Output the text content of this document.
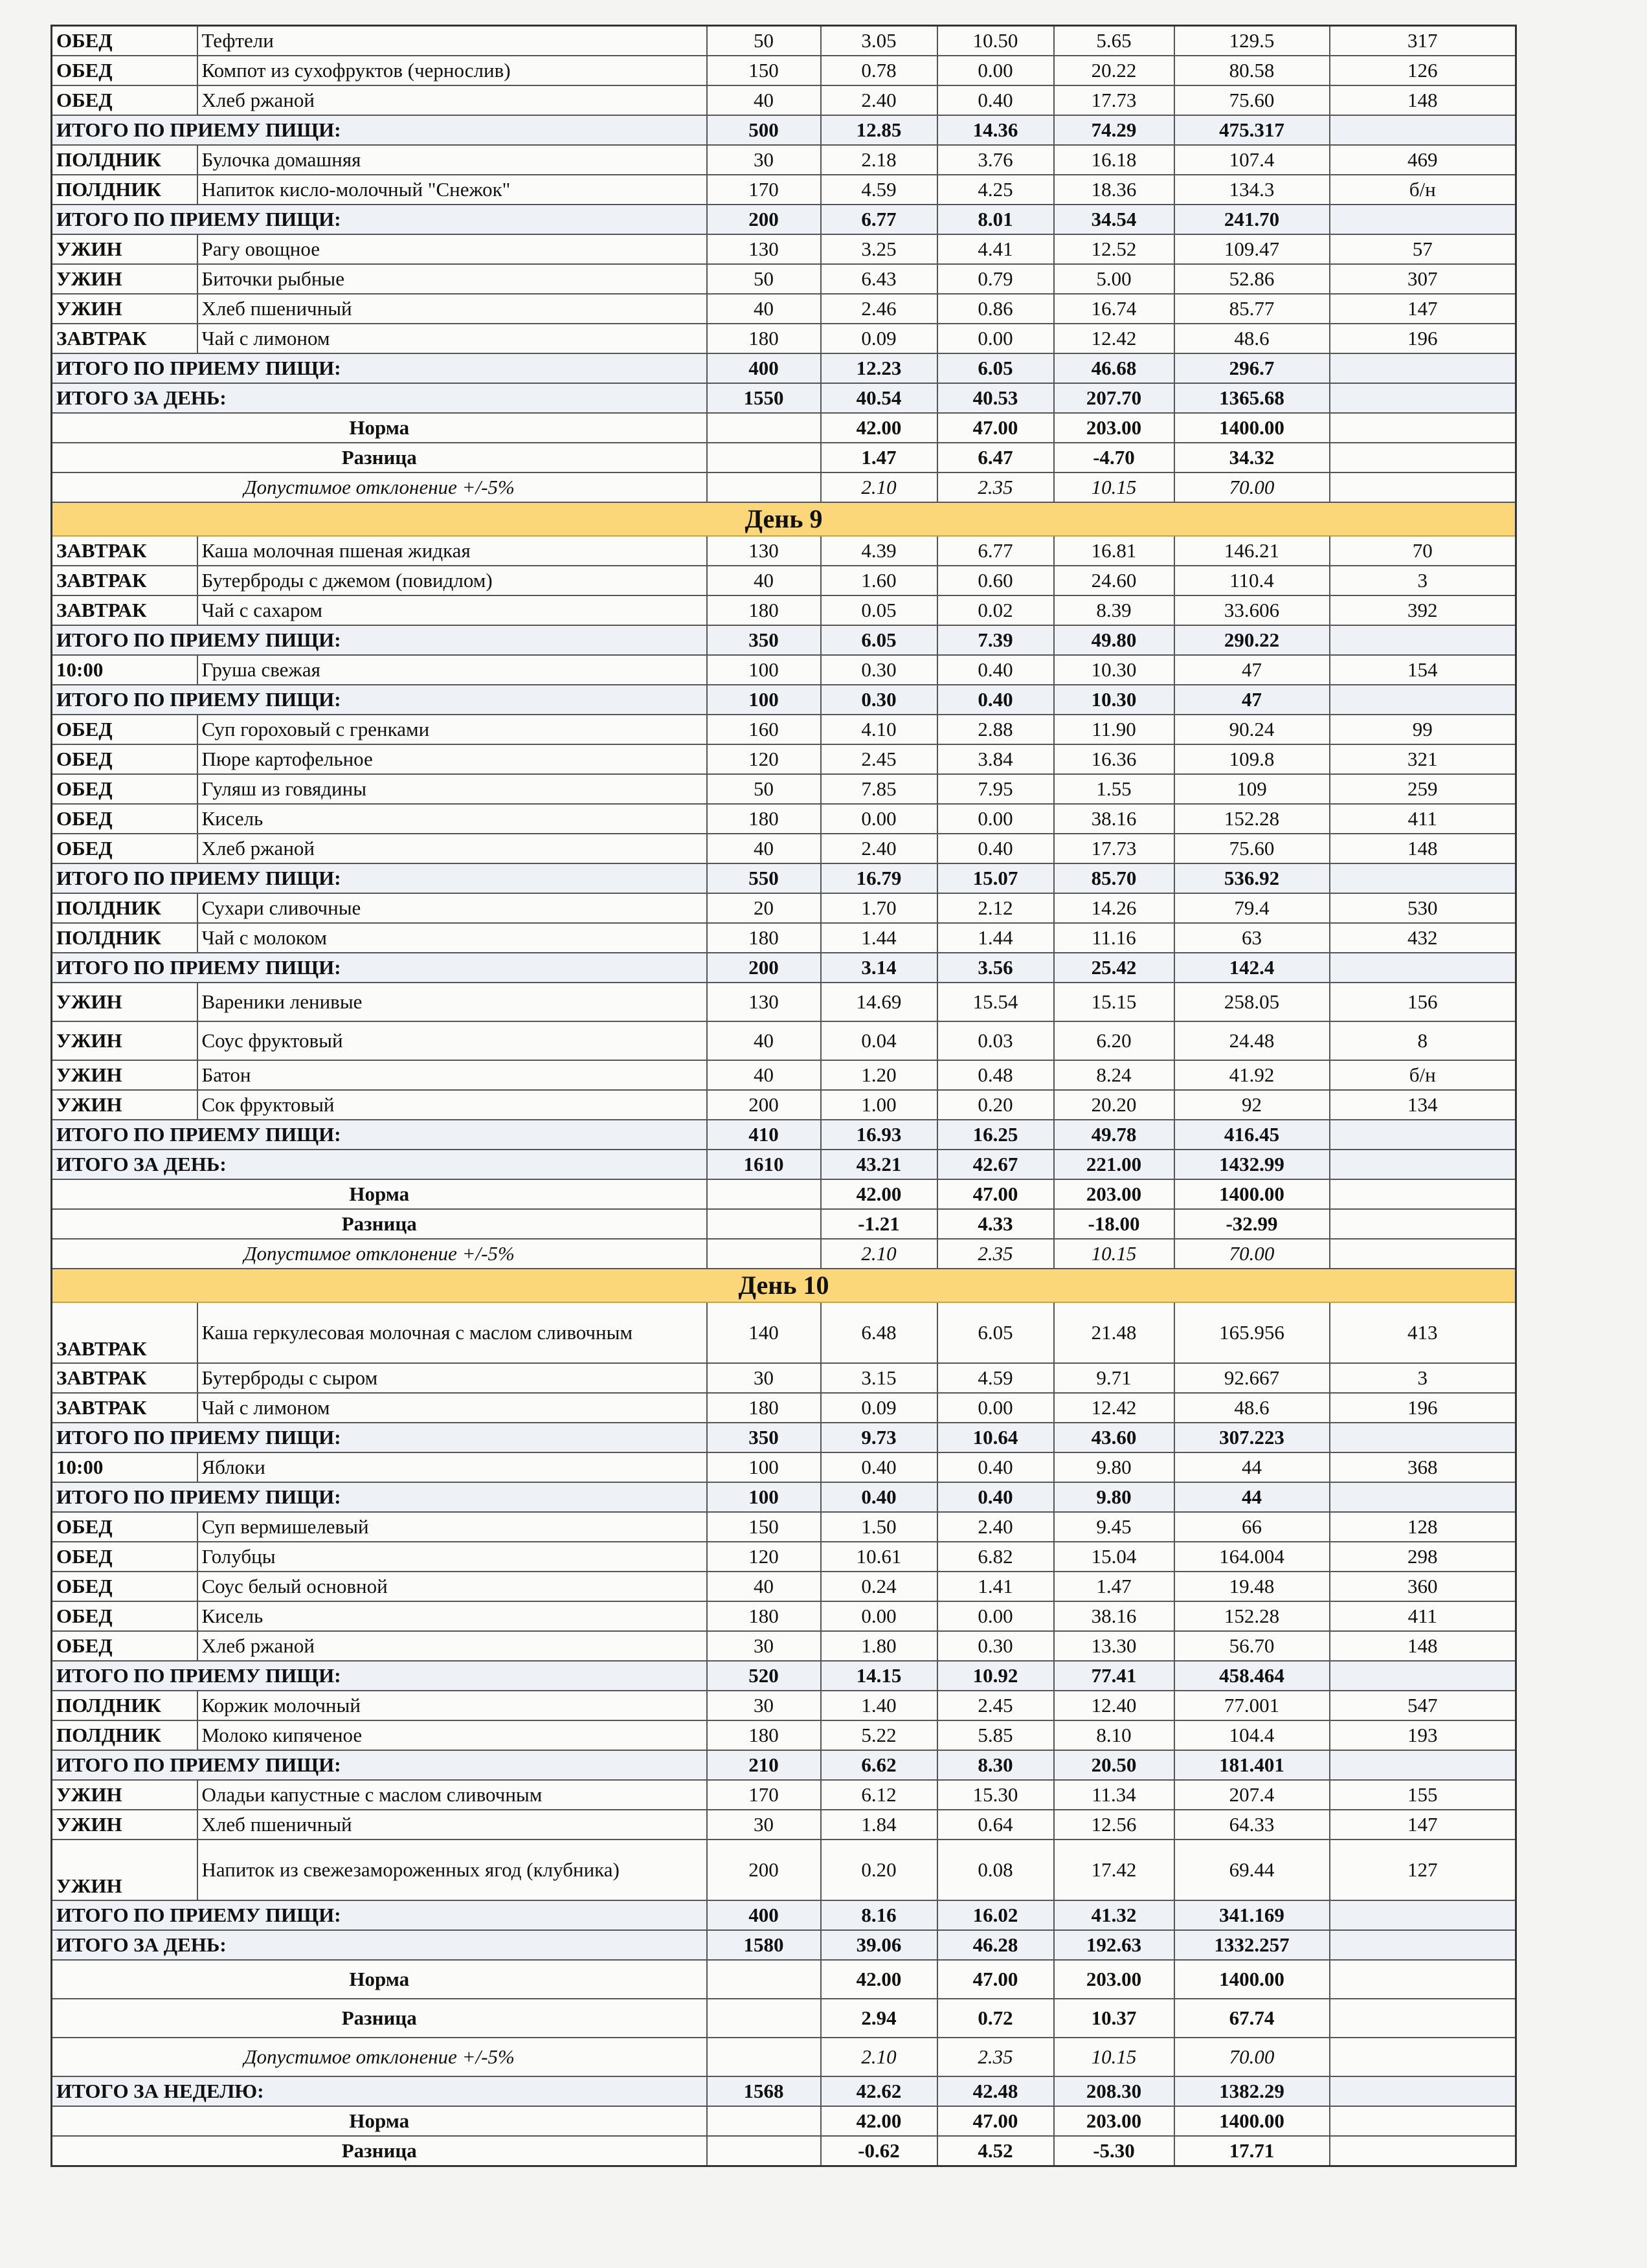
ОБЕД	Тефтели	50	3.05	10.50	5.65	129.5	317
ОБЕД	Компот из сухофруктов (чернослив)	150	0.78	0.00	20.22	80.58	126
ОБЕД	Хлеб ржаной	40	2.40	0.40	17.73	75.60	148
ИТОГО ПО ПРИЕМУ ПИЩИ:		500	12.85	14.36	74.29	475.317	
ПОЛДНИК	Булочка домашняя	30	2.18	3.76	16.18	107.4	469
ПОЛДНИК	Напиток кисло-молочный "Снежок"	170	4.59	4.25	18.36	134.3	б/н
ИТОГО ПО ПРИЕМУ ПИЩИ:		200	6.77	8.01	34.54	241.70	
УЖИН	Рагу овощное	130	3.25	4.41	12.52	109.47	57
УЖИН	Биточки рыбные	50	6.43	0.79	5.00	52.86	307
УЖИН	Хлеб пшеничный	40	2.46	0.86	16.74	85.77	147
ЗАВТРАК	Чай с лимоном	180	0.09	0.00	12.42	48.6	196
ИТОГО ПО ПРИЕМУ ПИЩИ:		400	12.23	6.05	46.68	296.7	
ИТОГО ЗА ДЕНЬ:		1550	40.54	40.53	207.70	1365.68	
Норма			42.00	47.00	203.00	1400.00	
Разница			1.47	6.47	-4.70	34.32	
Допустимое отклонение +/-5%			2.10	2.35	10.15	70.00	
День 9							
ЗАВТРАК	Каша молочная пшеная жидкая	130	4.39	6.77	16.81	146.21	70
ЗАВТРАК	Бутерброды с джемом (повидлом)	40	1.60	0.60	24.60	110.4	3
ЗАВТРАК	Чай с сахаром	180	0.05	0.02	8.39	33.606	392
ИТОГО ПО ПРИЕМУ ПИЩИ:		350	6.05	7.39	49.80	290.22	
10:00	Груша свежая	100	0.30	0.40	10.30	47	154
ИТОГО ПО ПРИЕМУ ПИЩИ:		100	0.30	0.40	10.30	47	
ОБЕД	Суп гороховый с гренками	160	4.10	2.88	11.90	90.24	99
ОБЕД	Пюре картофельное	120	2.45	3.84	16.36	109.8	321
ОБЕД	Гуляш из говядины	50	7.85	7.95	1.55	109	259
ОБЕД	Кисель	180	0.00	0.00	38.16	152.28	411
ОБЕД	Хлеб ржаной	40	2.40	0.40	17.73	75.60	148
ИТОГО ПО ПРИЕМУ ПИЩИ:		550	16.79	15.07	85.70	536.92	
ПОЛДНИК	Сухари сливочные	20	1.70	2.12	14.26	79.4	530
ПОЛДНИК	Чай с молоком	180	1.44	1.44	11.16	63	432
ИТОГО ПО ПРИЕМУ ПИЩИ:		200	3.14	3.56	25.42	142.4	
УЖИН	Вареники ленивые	130	14.69	15.54	15.15	258.05	156
УЖИН	Соус фруктовый	40	0.04	0.03	6.20	24.48	8
УЖИН	Батон	40	1.20	0.48	8.24	41.92	б/н
УЖИН	Сок фруктовый	200	1.00	0.20	20.20	92	134
ИТОГО ПО ПРИЕМУ ПИЩИ:		410	16.93	16.25	49.78	416.45	
ИТОГО ЗА ДЕНЬ:		1610	43.21	42.67	221.00	1432.99	
Норма			42.00	47.00	203.00	1400.00	
Разница			-1.21	4.33	-18.00	-32.99	
Допустимое отклонение +/-5%			2.10	2.35	10.15	70.00	
День 10							
ЗАВТРАК	Каша геркулесовая молочная с маслом сливочным	140	6.48	6.05	21.48	165.956	413
ЗАВТРАК	Бутерброды с сыром	30	3.15	4.59	9.71	92.667	3
ЗАВТРАК	Чай с лимоном	180	0.09	0.00	12.42	48.6	196
ИТОГО ПО ПРИЕМУ ПИЩИ:		350	9.73	10.64	43.60	307.223	
10:00	Яблоки	100	0.40	0.40	9.80	44	368
ИТОГО ПО ПРИЕМУ ПИЩИ:		100	0.40	0.40	9.80	44	
ОБЕД	Суп вермишелевый	150	1.50	2.40	9.45	66	128
ОБЕД	Голубцы	120	10.61	6.82	15.04	164.004	298
ОБЕД	Соус белый основной	40	0.24	1.41	1.47	19.48	360
ОБЕД	Кисель	180	0.00	0.00	38.16	152.28	411
ОБЕД	Хлеб ржаной	30	1.80	0.30	13.30	56.70	148
ИТОГО ПО ПРИЕМУ ПИЩИ:		520	14.15	10.92	77.41	458.464	
ПОЛДНИК	Коржик молочный	30	1.40	2.45	12.40	77.001	547
ПОЛДНИК	Молоко кипяченое	180	5.22	5.85	8.10	104.4	193
ИТОГО ПО ПРИЕМУ ПИЩИ:		210	6.62	8.30	20.50	181.401	
УЖИН	Оладьи капустные с маслом сливочным	170	6.12	15.30	11.34	207.4	155
УЖИН	Хлеб пшеничный	30	1.84	0.64	12.56	64.33	147
УЖИН	Напиток из свежезамороженных ягод (клубника)	200	0.20	0.08	17.42	69.44	127
ИТОГО ПО ПРИЕМУ ПИЩИ:		400	8.16	16.02	41.32	341.169	
ИТОГО ЗА ДЕНЬ:		1580	39.06	46.28	192.63	1332.257	
Норма			42.00	47.00	203.00	1400.00	
Разница			2.94	0.72	10.37	67.74	
Допустимое отклонение +/-5%			2.10	2.35	10.15	70.00	
ИТОГО ЗА НЕДЕЛЮ:		1568	42.62	42.48	208.30	1382.29	
Норма			42.00	47.00	203.00	1400.00	
Разница			-0.62	4.52	-5.30	17.71	
